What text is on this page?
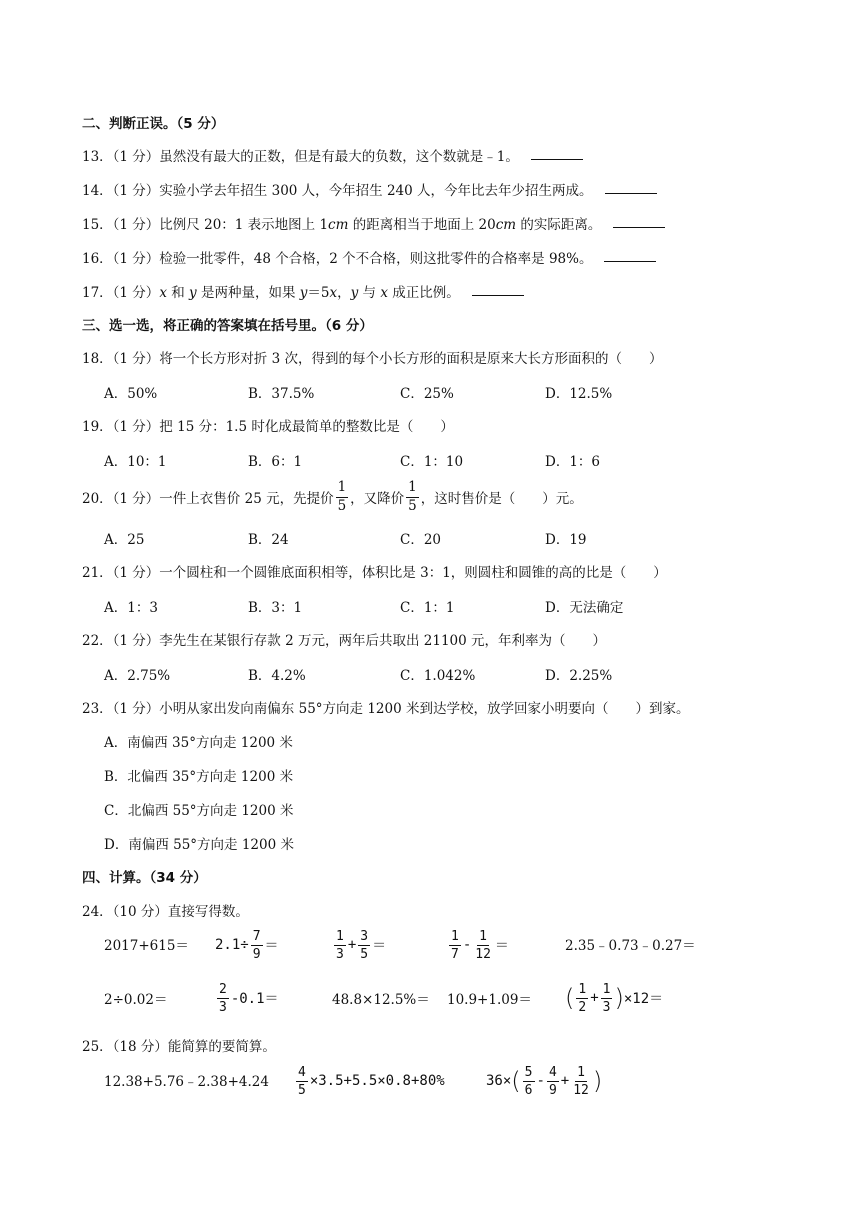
二、判断正误。（5 分）
13．（1 分）虽然没有最大的正数，但是有最大的负数，这个数就是﹣1。
14．（1 分）实验小学去年招生 300 人，今年招生 240 人，今年比去年少招生两成。
15．（1 分）比例尺 20：1 表示地图上 1cm 的距离相当于地面上 20cm 的实际距离。
16．（1 分）检验一批零件，48 个合格，2 个不合格，则这批零件的合格率是 98%。
17．（1 分）x 和 y 是两种量，如果 y＝5x，y 与 x 成正比例。
三、选一选，将正确的答案填在括号里。（6 分）
18．（1 分）将一个长方形对折 3 次，得到的每个小长方形的面积是原来大长方形面积的（　　）
A．50%	B．37.5%	C．25%	D．12.5%
19．（1 分）把 15 分：1.5 时化成最简单的整数比是（　　）
A．10：1	B．6：1	C．1：10	D．1：6
20．（1 分）一件上衣售价 25 元，先提价 $\frac{1}{5}$ ，又降价 $\frac{1}{5}$ ，这时售价是（　　）元。
A．25	B．24	C．20	D．19
21．（1 分）一个圆柱和一个圆锥底面积相等，体积比是 3：1，则圆柱和圆锥的高的比是（　　）
A．1：3	B．3：1	C．1：1	D．无法确定
22．（1 分）李先生在某银行存款 2 万元，两年后共取出 21100 元，年利率为（　　）
A．2.75%	B．4.2%	C．1.042%	D．2.25%
23．（1 分）小明从家出发向南偏东 55°方向走 1200 米到达学校，放学回家小明要向（　　）到家。
A．南偏西 35°方向走 1200 米
B．北偏西 35°方向走 1200 米
C．北偏西 55°方向走 1200 米
D．南偏西 55°方向走 1200 米
四、计算。（34 分）
24．（10 分）直接写得数。
$2017+615= 2.1\div \frac{7}{9}$ ＝	$\frac{1}{3} + \frac{3}{5}$ ＝	$\frac{1}{7} - \frac{1}{12}$ ＝	2.35﹣0.73﹣0.27＝
2÷0.02＝	$\frac{2}{3} -0.1=$	48.8×12.5%＝ 10.9+1.09＝ ( $\frac{1}{2} + \frac{1}{3}$ ) ×12＝
25．（18 分）能简算的要简算。
12.38+5.76﹣2.38+4.24 $\frac{4}{5} \times 3.5+5.5\times 0.8+80\%$	36× ( $\frac{5}{6} - \frac{4}{9} + \frac{1}{12}$ )
